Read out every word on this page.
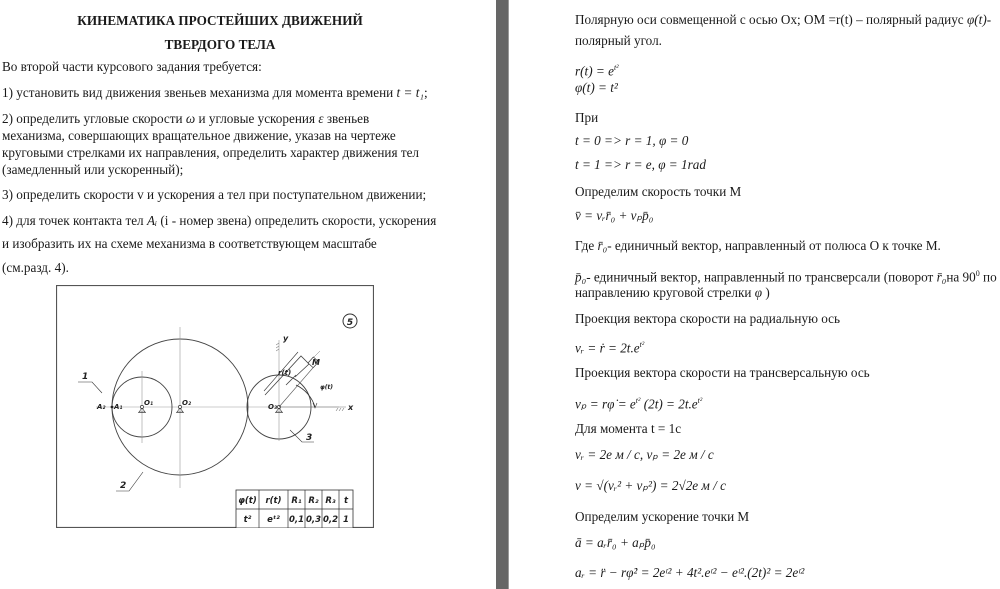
КИНЕМАТИКА ПРОСТЕЙШИХ ДВИЖЕНИЙ
ТВЕРДОГО ТЕЛА
Во второй части курсового задания требуется:
1) установить вид движения звеньев механизма для момента времени t = t₁;
2) определить угловые скорости ω и угловые ускорения ε звеньев
механизма, совершающих вращательное движение, указав на чертеже
круговыми стрелками их направления, определить характер движения тел
(замедленный или ускоренный);
3) определить скорости v и ускорения а тел при поступательном движении;
4) для точек контакта тел Aᵢ (i - номер звена) определить скорости, ускорения
и изобразить их на схеме механизма в соответствующем масштабе
(см.разд. 4).
5
1
2
3
A₂ A₁	O₁	O₂	O₃
y
x
M
r(t)
φ(t)
φ(t) r(t) R₁ R₂ R₃ t
t² eᵗ² 0,1 0,3 0,2 1
Полярную оси совмещенной с осью Ox; OM =r(t) – полярный радиус φ(t)-
полярный угол.
$r(t) = e^{t^2}$
φ(t) = t²
При
t = 0 => r = 1, φ = 0
t = 1 => r = e, φ = 1rad
Определим скорость точки М
v̄ = vᵣr̄₀ + vₚp̄₀
Где r̄₀- единичный вектор, направленный от полюса О к точке М.
p̄₀- единичный вектор, направленный по трансверсали (поворот r̄₀на $90^0$ по
направлению круговой стрелки φ )
Проекция вектора скорости на радиальную ось
vᵣ = ṙ = $2t.e^{t^2}$
Проекция вектора скорости на трансверсальную ось
vₚ = rφ̇ = $e^{t^2}$ $(2t) = 2t.e^{t^2}$
Для момента t = 1с
vᵣ = 2e м / с, vₚ = 2e м / с
v = √(vᵣ² + vₚ²) = 2√2e м / с
Определим ускорение точки М
ā = aᵣr̄₀ + aₚp̄₀
aᵣ = r̈ − rφ̇² = 2eᵗ² + 4t².eᵗ² − eᵗ².(2t)² = 2eᵗ²
